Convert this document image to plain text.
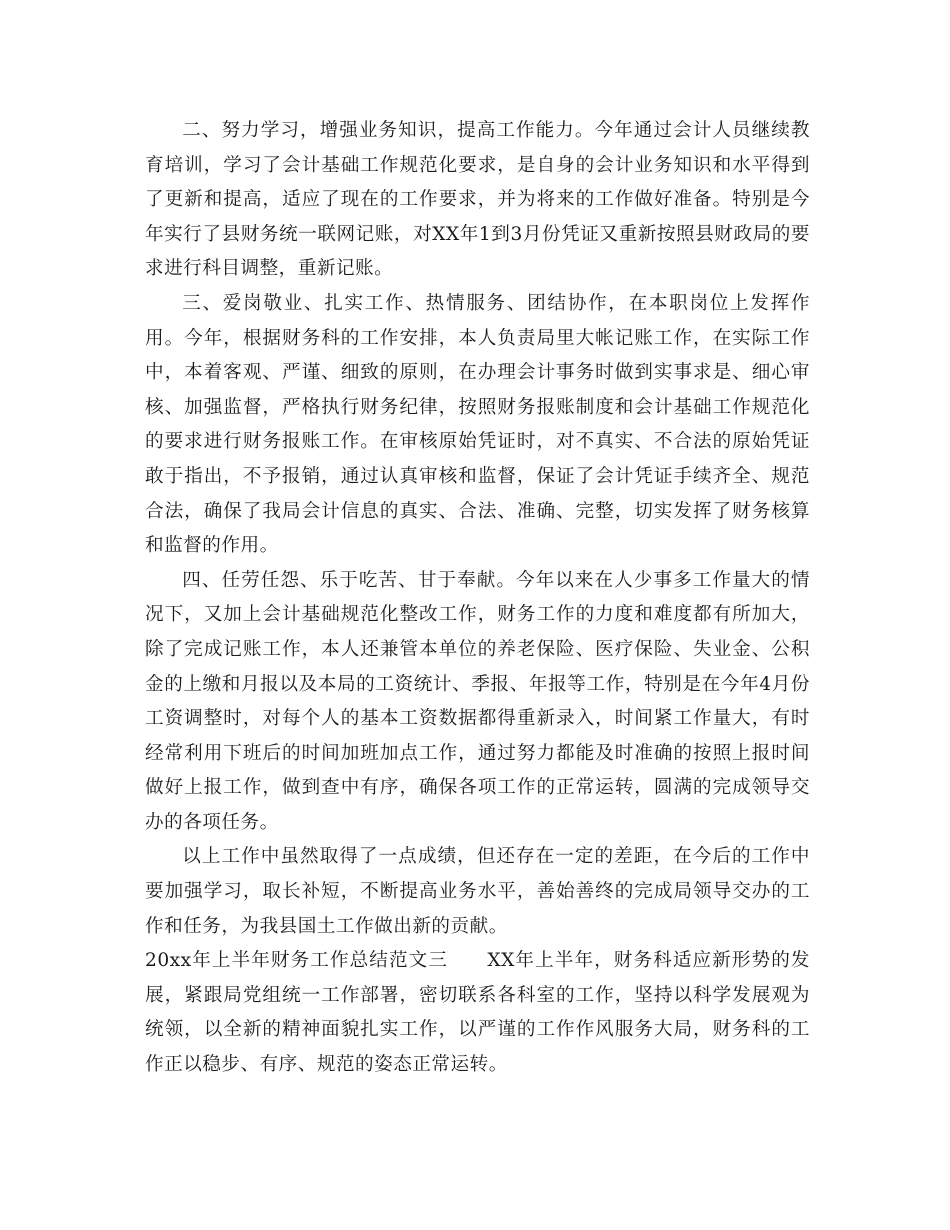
二、努力学习，增强业务知识，提高工作能力。今年通过会计人员继续教育培训，学习了会计基础工作规范化要求，是自身的会计业务知识和水平得到了更新和提高，适应了现在的工作要求，并为将来的工作做好准备。特别是今年实行了县财务统一联网记账，对XX年1到3月份凭证又重新按照县财政局的要求进行科目调整，重新记账。

三、爱岗敬业、扎实工作、热情服务、团结协作，在本职岗位上发挥作用。今年，根据财务科的工作安排，本人负责局里大帐记账工作，在实际工作中，本着客观、严谨、细致的原则，在办理会计事务时做到实事求是、细心审核、加强监督，严格执行财务纪律，按照财务报账制度和会计基础工作规范化的要求进行财务报账工作。在审核原始凭证时，对不真实、不合法的原始凭证敢于指出，不予报销，通过认真审核和监督，保证了会计凭证手续齐全、规范合法，确保了我局会计信息的真实、合法、准确、完整，切实发挥了财务核算和监督的作用。

四、任劳任怨、乐于吃苦、甘于奉献。今年以来在人少事多工作量大的情况下，又加上会计基础规范化整改工作，财务工作的力度和难度都有所加大，除了完成记账工作，本人还兼管本单位的养老保险、医疗保险、失业金、公积金的上缴和月报以及本局的工资统计、季报、年报等工作，特别是在今年4月份工资调整时，对每个人的基本工资数据都得重新录入，时间紧工作量大，有时经常利用下班后的时间加班加点工作，通过努力都能及时准确的按照上报时间做好上报工作，做到查中有序，确保各项工作的正常运转，圆满的完成领导交办的各项任务。

以上工作中虽然取得了一点成绩，但还存在一定的差距，在今后的工作中要加强学习，取长补短，不断提高业务水平，善始善终的完成局领导交办的工作和任务，为我县国土工作做出新的贡献。

20xx年上半年财务工作总结范文三　　XX年上半年，财务科适应新形势的发展，紧跟局党组统一工作部署，密切联系各科室的工作，坚持以科学发展观为统领，以全新的精神面貌扎实工作，以严谨的工作作风服务大局，财务科的工作正以稳步、有序、规范的姿态正常运转。
